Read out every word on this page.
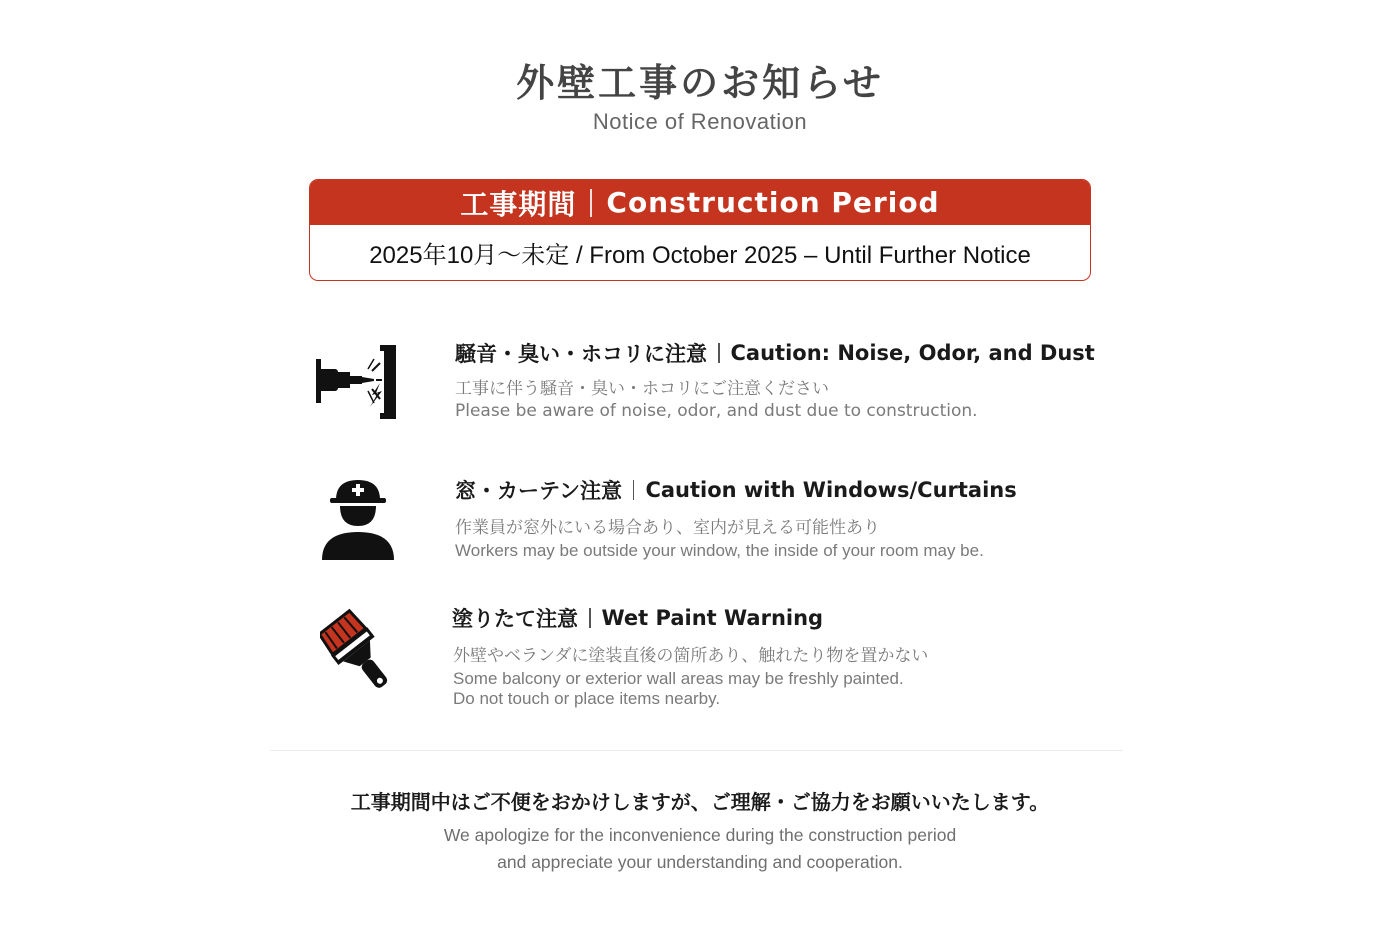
外壁工事のお知らせ
Notice of Renovation
工事期間 Construction Period
2025年10月〜未定 / From October 2025 – Until Further Notice
騒音・臭い・ホコリに注意 Caution: Noise, Odor, and Dust
工事に伴う騒音・臭い・ホコリにご注意ください
Please be aware of noise, odor, and dust due to construction.
窓・カーテン注意 Caution with Windows/Curtains
作業員が窓外にいる場合あり、室内が見える可能性あり
Workers may be outside your window, the inside of your room may be.
塗りたて注意 Wet Paint Warning
外壁やベランダに塗装直後の箇所あり、触れたり物を置かない
Some balcony or exterior wall areas may be freshly painted.
Do not touch or place items nearby.
工事期間中はご不便をおかけしますが、ご理解・ご協力をお願いいたします。
We apologize for the inconvenience during the construction period
and appreciate your understanding and cooperation.
